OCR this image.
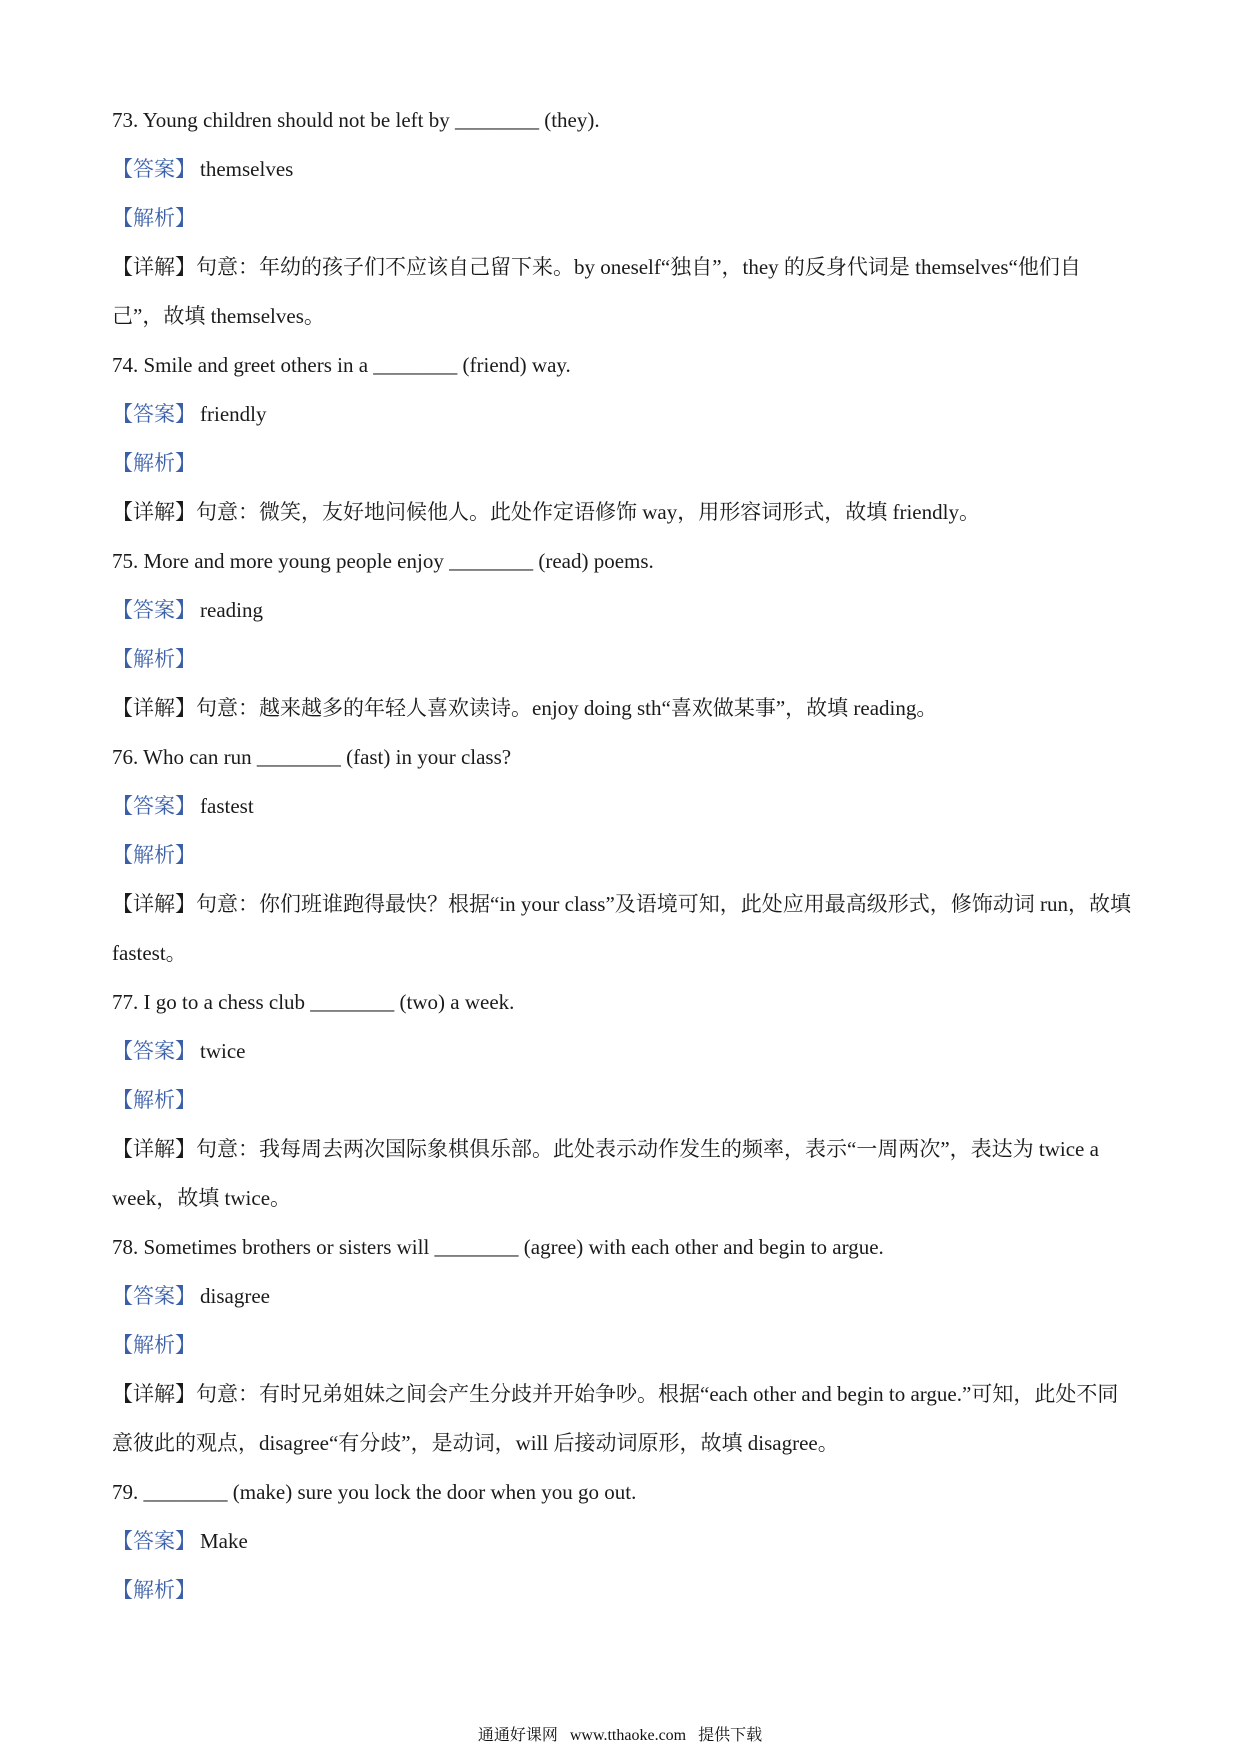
73. Young children should not be left by ________ (they).
【答案】 themselves
【解析】
【详解】句意：年幼的孩子们不应该自己留下来。by oneself“独自”，they 的反身代词是 themselves“他们自己”，故填 themselves。
74. Smile and greet others in a ________ (friend) way.
【答案】 friendly
【解析】
【详解】句意：微笑，友好地问候他人。此处作定语修饰 way，用形容词形式，故填 friendly。
75. More and more young people enjoy ________ (read) poems.
【答案】 reading
【解析】
【详解】句意：越来越多的年轻人喜欢读诗。enjoy doing sth“喜欢做某事”，故填 reading。
76. Who can run ________ (fast) in your class?
【答案】 fastest
【解析】
【详解】句意：你们班谁跑得最快？根据“in your class”及语境可知，此处应用最高级形式，修饰动词 run，故填 fastest。
77. I go to a chess club ________ (two) a week.
【答案】 twice
【解析】
【详解】句意：我每周去两次国际象棋俱乐部。此处表示动作发生的频率，表示“一周两次”，表达为 twice a week，故填 twice。
78. Sometimes brothers or sisters will ________ (agree) with each other and begin to argue.
【答案】 disagree
【解析】
【详解】句意：有时兄弟姐妹之间会产生分歧并开始争吵。根据“each other and begin to argue.”可知，此处不同意彼此的观点，disagree“有分歧”，是动词，will 后接动词原形，故填 disagree。
79. ________ (make) sure you lock the door when you go out.
【答案】 Make
【解析】
通通好课网 www.tthaoke.com 提供下载
